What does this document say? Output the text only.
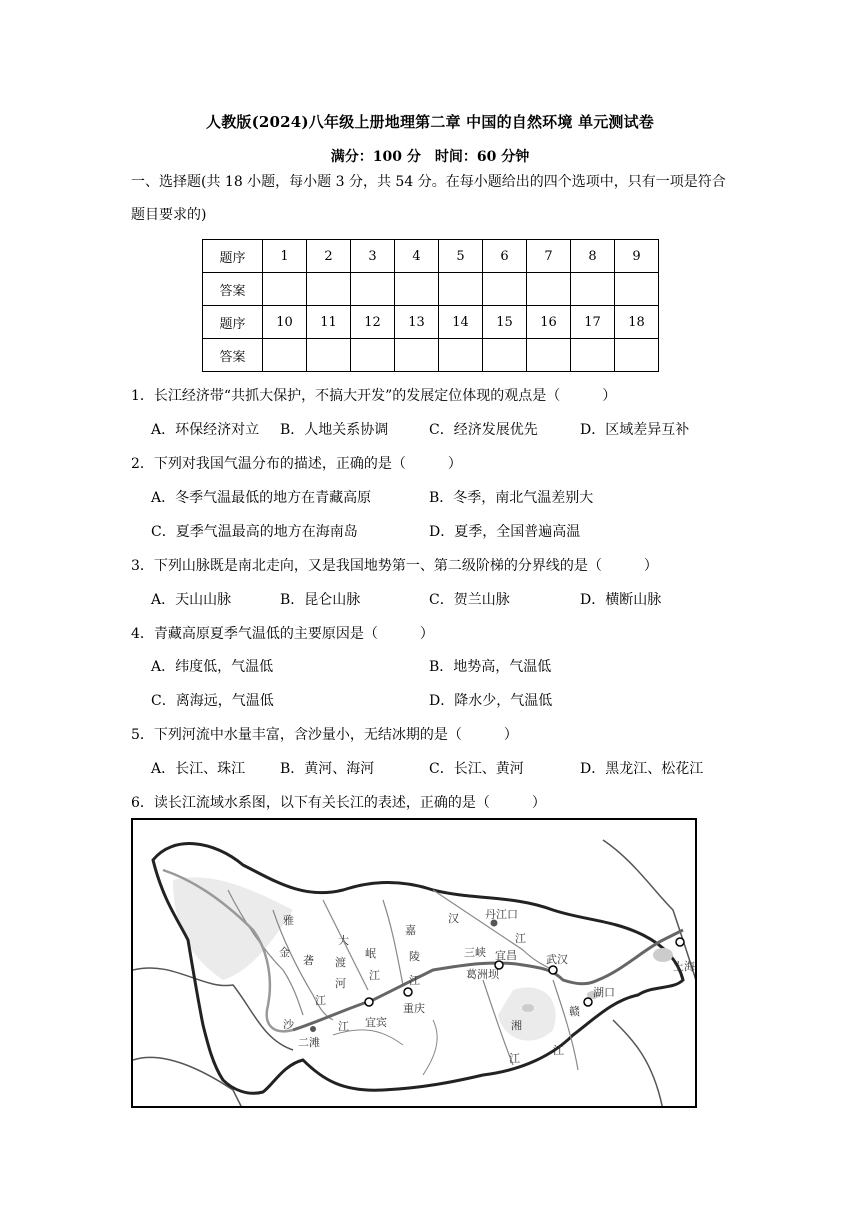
人教版(2024)八年级上册地理第二章 中国的自然环境 单元测试卷
满分：100 分　时间：60 分钟
一、选择题(共 18 小题，每小题 3 分，共 54 分。在每小题给出的四个选项中，只有一项是符合题目要求的)
题序	1	2	3	4	5	6	7	8	9
答案									
题序	10	11	12	13	14	15	16	17	18
答案									
1．长江经济带“共抓大保护，不搞大开发”的发展定位体现的观点是（　　　）
A．环保经济对立 B．人地关系协调	C．经济发展优先	D．区域差异互补
2．下列对我国气温分布的描述，正确的是（　　　）
A．冬季气温最低的地方在青藏高原	B．冬季，南北气温差别大
C．夏季气温最高的地方在海南岛	D．夏季，全国普遍高温
3．下列山脉既是南北走向，又是我国地势第一、第二级阶梯的分界线的是（　　　）
A．天山山脉	B．昆仑山脉	C．贺兰山脉	D．横断山脉
4．青藏高原夏季气温低的主要原因是（　　　）
A．纬度低，气温低	B．地势高，气温低
C．离海远，气温低	D．降水少，气温低
5．下列河流中水量丰富，含沙量小，无结冰期的是（　　　）
A．长江、珠江 B．黄河、海河	C．长江、黄河	D．黑龙江、松花江
6．读长江流域水系图，以下有关长江的表述，正确的是（　　　）
雅
金
砻
江
沙	江
大
渡
河
岷
江
嘉
陵
江
汉
江
湘
江
赣
江
丹江口
三峡 宜昌
葛洲坝
武汉
湖口
上海
重庆
宜宾
二滩
